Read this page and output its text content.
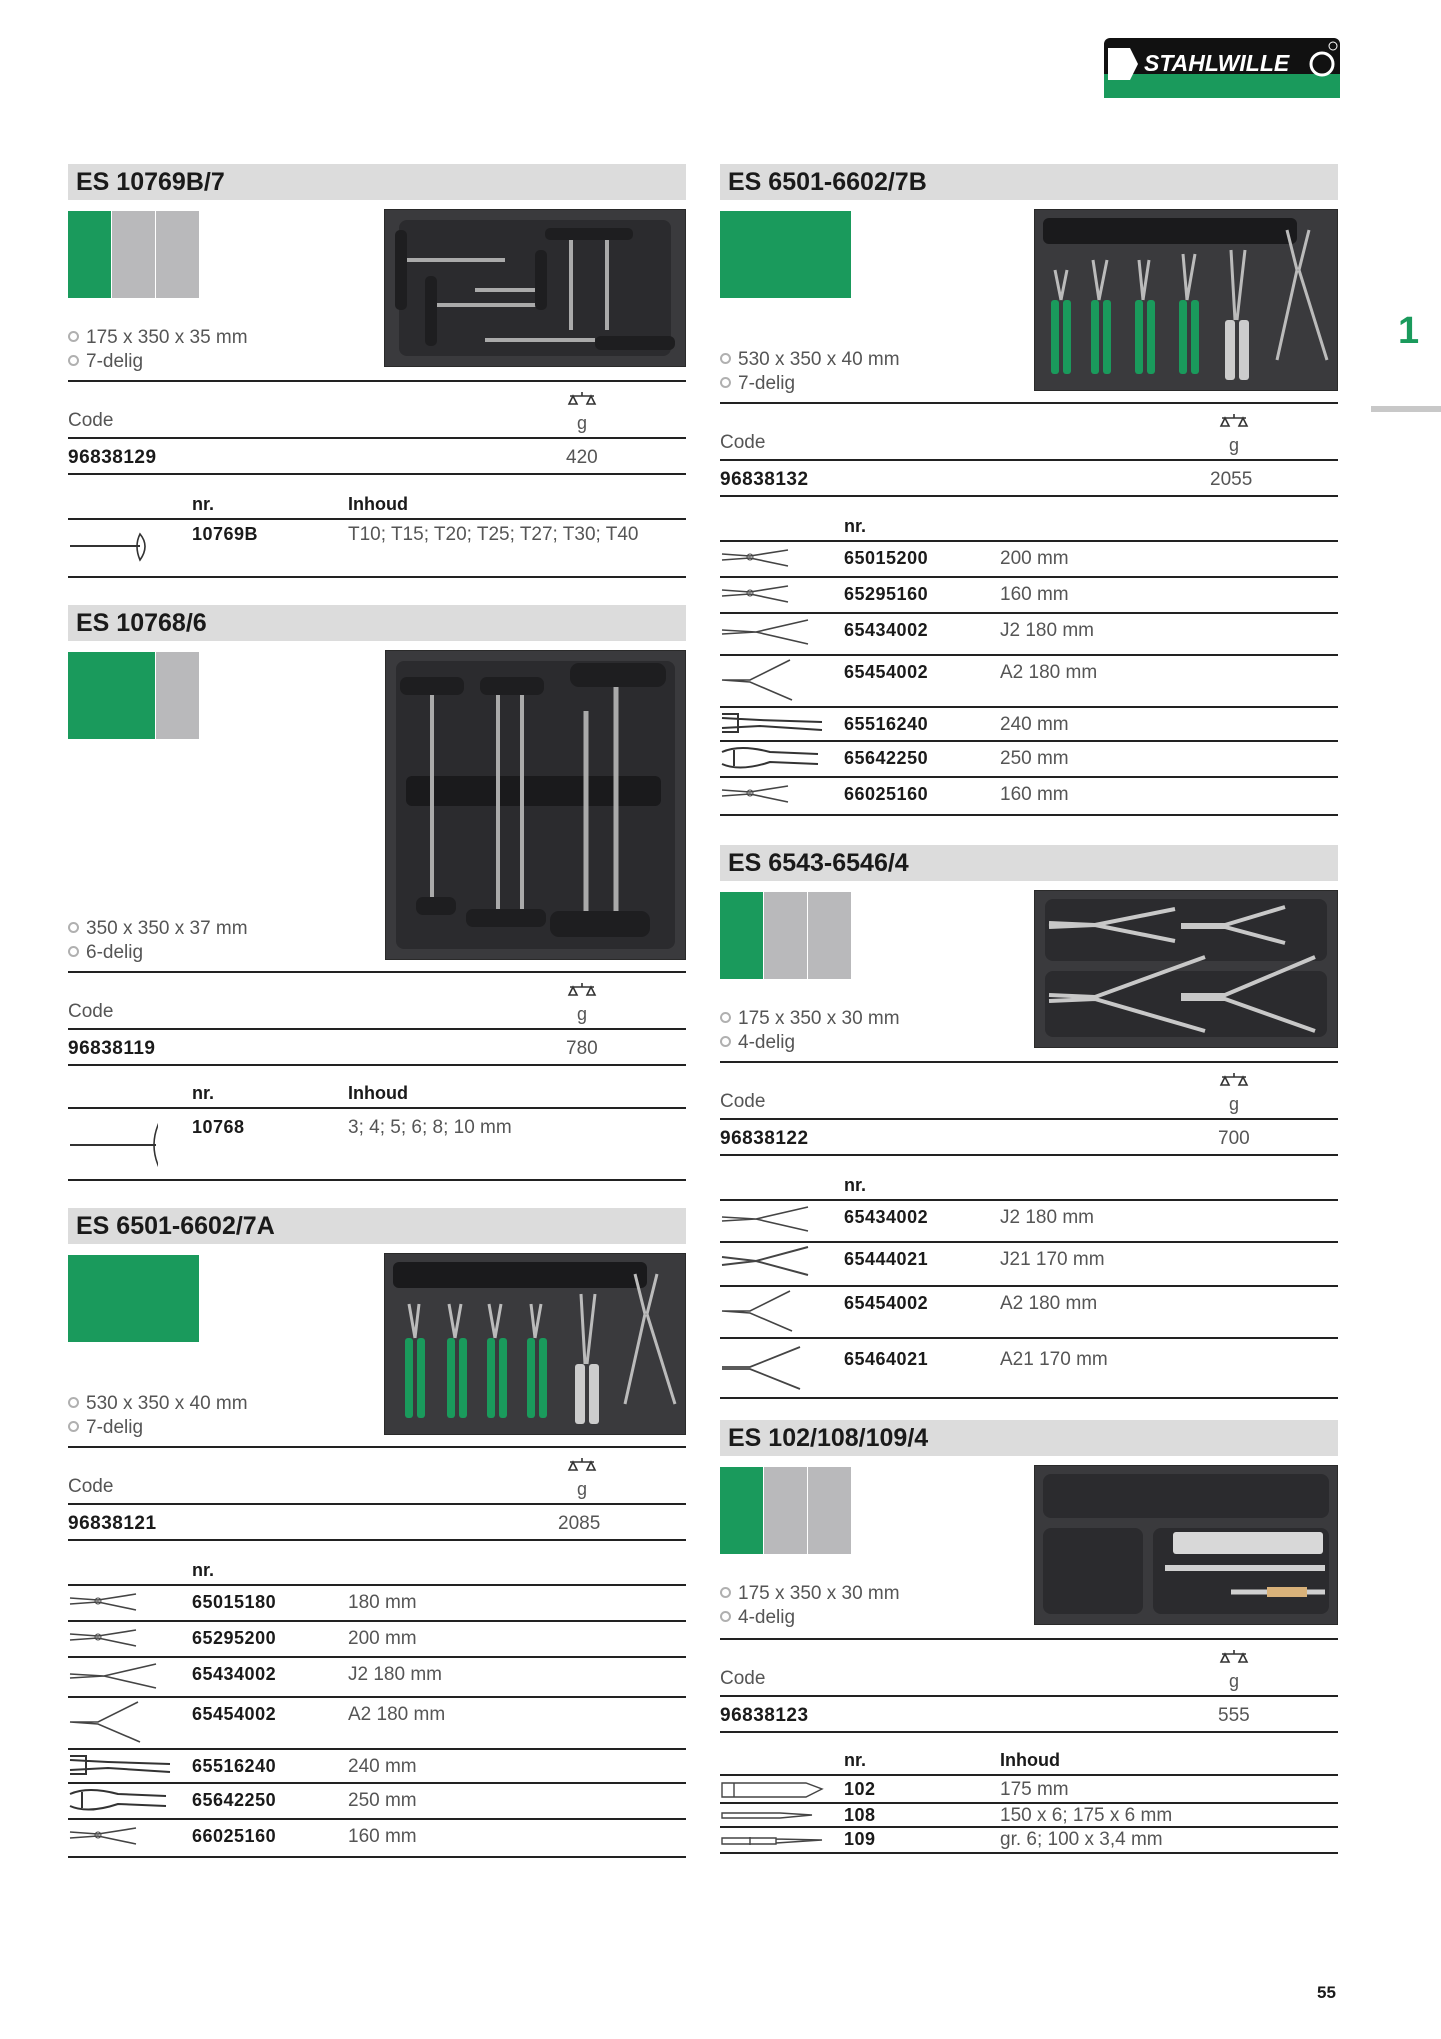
STAHLWILLE
1
ES 10769B/7
175 x 350 x 35 mm
7-delig
Code	g
96838129	420
nr.	Inhoud
10769B	T10; T15; T20; T25; T27; T30; T40
ES 10768/6
350 x 350 x 37 mm
6-delig
Code	g
96838119	780
nr.	Inhoud
10768	3; 4; 5; 6; 8; 10 mm
ES 6501-6602/7A
530 x 350 x 40 mm
7-delig
Code	g
96838121	2085
nr.
65015180	180 mm
65295200	200 mm
65434002	J2 180 mm
65454002	A2 180 mm
65516240	240 mm
65642250	250 mm
66025160	160 mm
ES 6501-6602/7B
530 x 350 x 40 mm
7-delig
Code	g
96838132	2055
nr.
65015200	200 mm
65295160	160 mm
65434002	J2 180 mm
65454002	A2 180 mm
65516240	240 mm
65642250	250 mm
66025160	160 mm
ES 6543-6546/4
175 x 350 x 30 mm
4-delig
Code	g
96838122	700
nr.
65434002	J2 180 mm
65444021	J21 170 mm
65454002	A2 180 mm
65464021	A21 170 mm
ES 102/108/109/4
175 x 350 x 30 mm
4-delig
Code	g
96838123	555
nr.	Inhoud
102	175 mm
108	150 x 6; 175 x 6 mm
109	gr. 6; 100 x 3,4 mm
55
